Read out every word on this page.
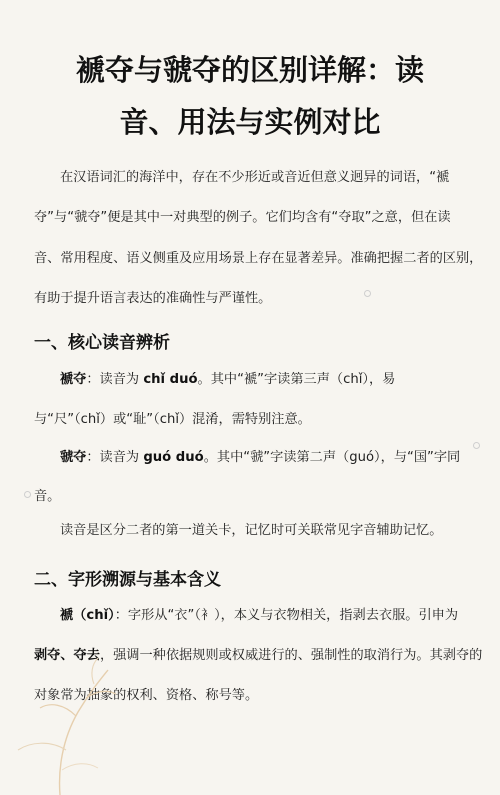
褫夺与虢夺的区别详解：读
音、用法与实例对比
在汉语词汇的海洋中，存在不少形近或音近但意义迥异的词语，“褫
夺”与“虢夺”便是其中一对典型的例子。它们均含有“夺取”之意，但在读
音、常用程度、语义侧重及应用场景上存在显著差异。准确把握二者的区别，
有助于提升语言表达的准确性与严谨性。
一、核心读音辨析
褫夺：读音为 chǐ duó。其中“褫”字读第三声（chǐ），易
与“尺”（chǐ）或“耻”（chǐ）混淆，需特别注意。
虢夺：读音为 guó duó。其中“虢”字读第二声（guó），与“国”字同
音。
读音是区分二者的第一道关卡，记忆时可关联常见字音辅助记忆。
二、字形溯源与基本含义
褫（chǐ）：字形从“衣”（衤），本义与衣物相关，指剥去衣服。引申为
剥夺、夺去，强调一种依据规则或权威进行的、强制性的取消行为。其剥夺的
对象常为抽象的权利、资格、称号等。
